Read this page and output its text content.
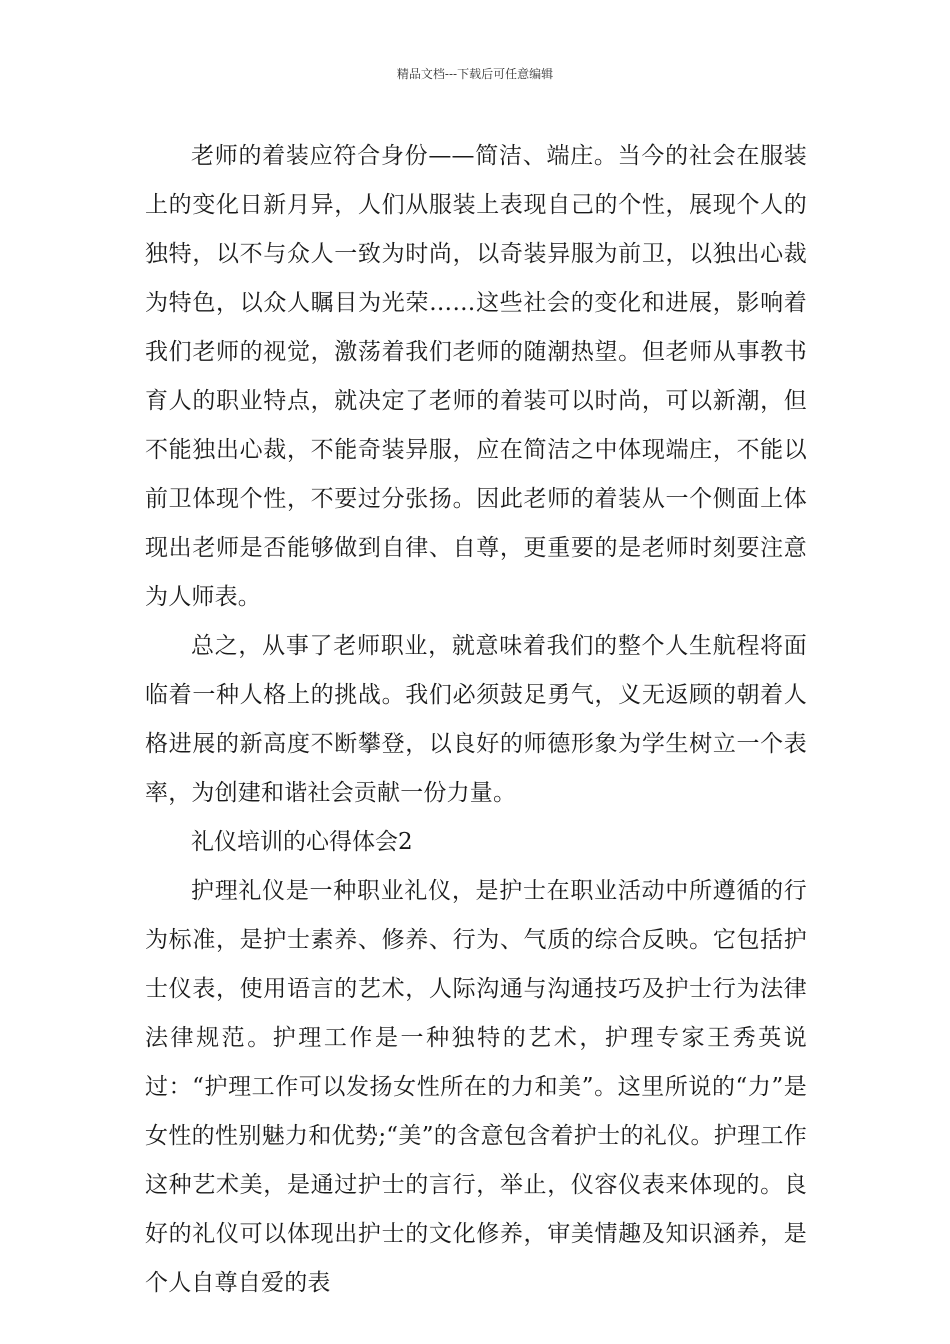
精品文档---下载后可任意编辑

老师的着装应符合身份——简洁、端庄。当今的社会在服装上的变化日新月异，人们从服装上表现自己的个性，展现个人的独特，以不与众人一致为时尚，以奇装异服为前卫，以独出心裁为特色，以众人瞩目为光荣……这些社会的变化和进展，影响着我们老师的视觉，激荡着我们老师的随潮热望。但老师从事教书育人的职业特点，就决定了老师的着装可以时尚，可以新潮，但不能独出心裁，不能奇装异服，应在简洁之中体现端庄，不能以前卫体现个性，不要过分张扬。因此老师的着装从一个侧面上体现出老师是否能够做到自律、自尊，更重要的是老师时刻要注意为人师表。

总之，从事了老师职业，就意味着我们的整个人生航程将面临着一种人格上的挑战。我们必须鼓足勇气，义无返顾的朝着人格进展的新高度不断攀登，以良好的师德形象为学生树立一个表率，为创建和谐社会贡献一份力量。

礼仪培训的心得体会2

护理礼仪是一种职业礼仪，是护士在职业活动中所遵循的行为标准，是护士素养、修养、行为、气质的综合反映。它包括护士仪表，使用语言的艺术，人际沟通与沟通技巧及护士行为法律法律规范。护理工作是一种独特的艺术，护理专家王秀英说过：“护理工作可以发扬女性所在的力和美”。这里所说的“力”是女性的性别魅力和优势;“美”的含意包含着护士的礼仪。护理工作这种艺术美，是通过护士的言行，举止，仪容仪表来体现的。良好的礼仪可以体现出护士的文化修养，审美情趣及知识涵养，是个人自尊自爱的表
